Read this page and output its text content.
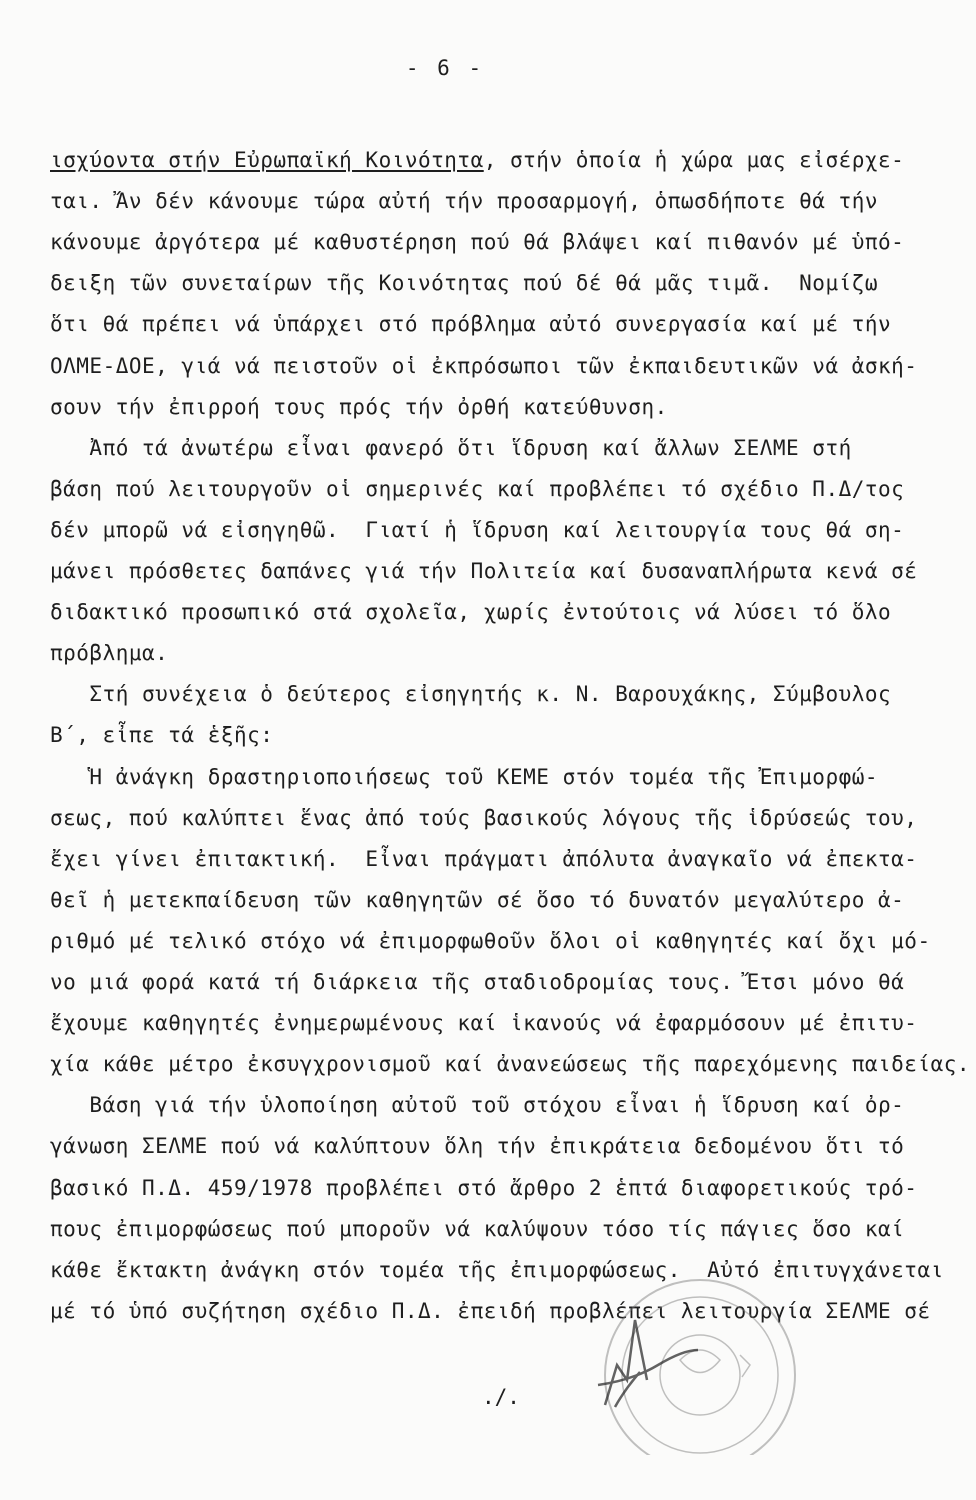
- 6 -
ισχύοντα στήν Εὐρωπαϊκή Κοινότητα, στήν ὁποία ἡ χώρα μας εἰσέρχε-
ται. Ἄν δέν κάνουμε τώρα αὐτή τήν προσαρμογή, ὁπωσδήποτε θά τήν
κάνουμε ἀργότερα μέ καθυστέρηση πού θά βλάψει καί πιθανόν μέ ὑπό-
δειξη τῶν συνεταίρων τῆς Κοινότητας πού δέ θά μᾶς τιμᾶ.  Νομίζω
ὅτι θά πρέπει νά ὑπάρχει στό πρόβλημα αὐτό συνεργασία καί μέ τήν
ΟΛΜΕ-ΔΟΕ, γιά νά πειστοῦν οἱ ἐκπρόσωποι τῶν ἐκπαιδευτικῶν νά ἀσκή-
σουν τήν ἐπιρροή τους πρός τήν ὀρθή κατεύθυνση.
Ἀπό τά ἀνωτέρω εἶναι φανερό ὅτι ἵδρυση καί ἄλλων ΣΕΛΜΕ στή
βάση πού λειτουργοῦν οἱ σημερινές καί προβλέπει τό σχέδιο Π.Δ/τος
δέν μπορῶ νά εἰσηγηθῶ.  Γιατί ἡ ἵδρυση καί λειτουργία τους θά ση-
μάνει πρόσθετες δαπάνες γιά τήν Πολιτεία καί δυσαναπλήρωτα κενά σέ
διδακτικό προσωπικό στά σχολεῖα, χωρίς ἐντούτοις νά λύσει τό ὅλο
πρόβλημα.
Στή συνέχεια ὁ δεύτερος εἰσηγητής κ. Ν. Βαρουχάκης, Σύμβουλος
Β΄, εἶπε τά ἑξῆς:
Ἡ ἀνάγκη δραστηριοποιήσεως τοῦ ΚΕΜΕ στόν τομέα τῆς Ἐπιμορφώ-
σεως, πού καλύπτει ἕνας ἀπό τούς βασικούς λόγους τῆς ἱδρύσεώς του,
ἔχει γίνει ἐπιτακτική.  Εἶναι πράγματι ἀπόλυτα ἀναγκαῖο νά ἐπεκτα-
θεῖ ἡ μετεκπαίδευση τῶν καθηγητῶν σέ ὅσο τό δυνατόν μεγαλύτερο ἀ-
ριθμό μέ τελικό στόχο νά ἐπιμορφωθοῦν ὅλοι οἱ καθηγητές καί ὄχι μό-
νο μιά φορά κατά τή διάρκεια τῆς σταδιοδρομίας τους. Ἔτσι μόνο θά
ἔχουμε καθηγητές ἐνημερωμένους καί ἱκανούς νά ἐφαρμόσουν μέ ἐπιτυ-
χία κάθε μέτρο ἐκσυγχρονισμοῦ καί ἀνανεώσεως τῆς παρεχόμενης παιδείας.
Βάση γιά τήν ὑλοποίηση αὐτοῦ τοῦ στόχου εἶναι ἡ ἵδρυση καί ὀρ-
γάνωση ΣΕΛΜΕ πού νά καλύπτουν ὅλη τήν ἐπικράτεια δεδομένου ὅτι τό
βασικό Π.Δ. 459/1978 προβλέπει στό ἄρθρο 2 ἑπτά διαφορετικούς τρό-
πους ἐπιμορφώσεως πού μποροῦν νά καλύψουν τόσο τίς πάγιες ὅσο καί
κάθε ἔκτακτη ἀνάγκη στόν τομέα τῆς ἐπιμορφώσεως.  Αὐτό ἐπιτυγχάνεται
μέ τό ὑπό συζήτηση σχέδιο Π.Δ. ἐπειδή προβλέπει λειτουργία ΣΕΛΜΕ σέ
./.
